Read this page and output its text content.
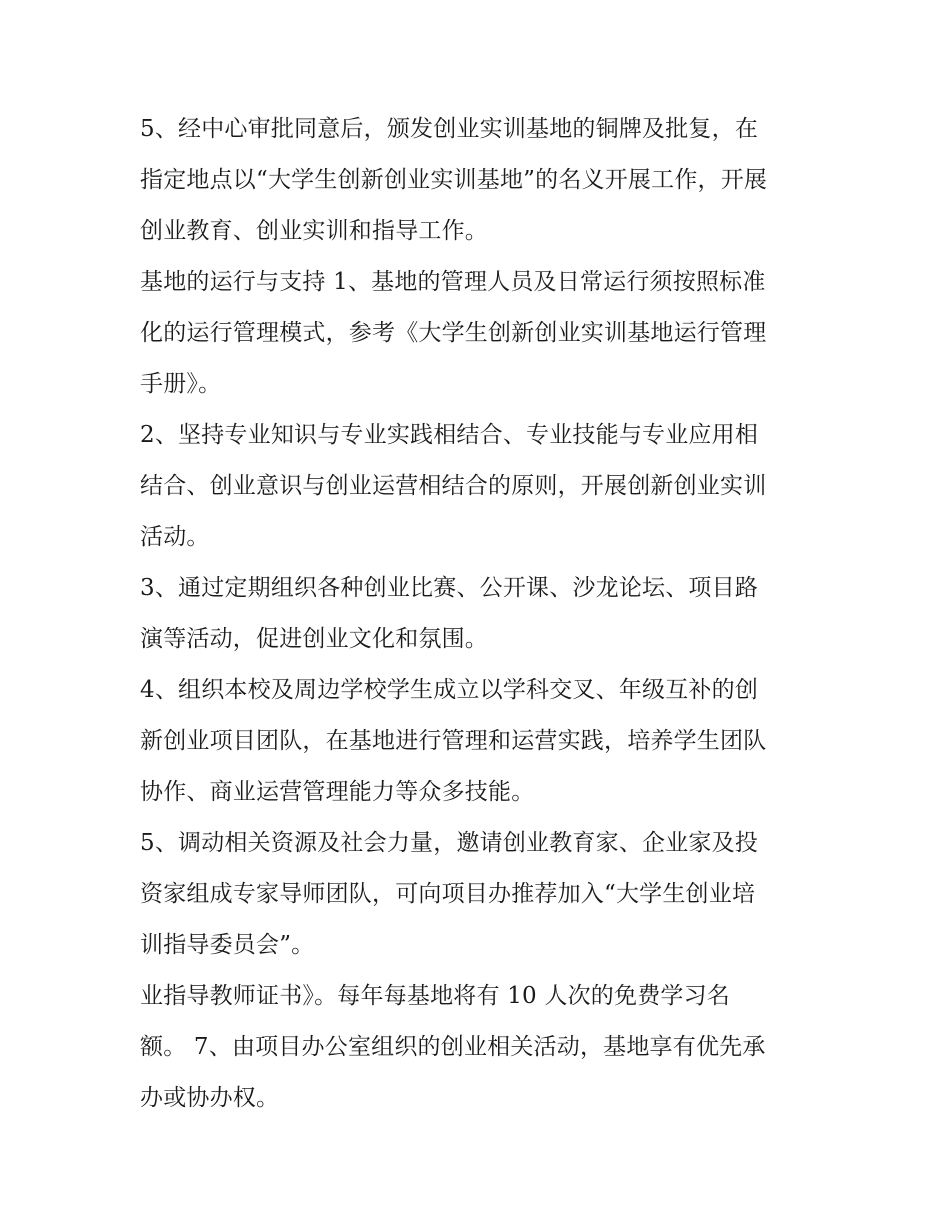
5、经中心审批同意后，颁发创业实训基地的铜牌及批复，在
指定地点以“大学生创新创业实训基地”的名义开展工作，开展
创业教育、创业实训和指导工作。

基地的运行与支持 1、基地的管理人员及日常运行须按照标准
化的运行管理模式，参考《大学生创新创业实训基地运行管理
手册》。

2、坚持专业知识与专业实践相结合、专业技能与专业应用相
结合、创业意识与创业运营相结合的原则，开展创新创业实训
活动。

3、通过定期组织各种创业比赛、公开课、沙龙论坛、项目路
演等活动，促进创业文化和氛围。

4、组织本校及周边学校学生成立以学科交叉、年级互补的创
新创业项目团队，在基地进行管理和运营实践，培养学生团队
协作、商业运营管理能力等众多技能。

5、调动相关资源及社会力量，邀请创业教育家、企业家及投
资家组成专家导师团队，可向项目办推荐加入“大学生创业培
训指导委员会”。

业指导教师证书》。每年每基地将有 10 人次的免费学习名
额。 7、由项目办公室组织的创业相关活动，基地享有优先承
办或协办权。
